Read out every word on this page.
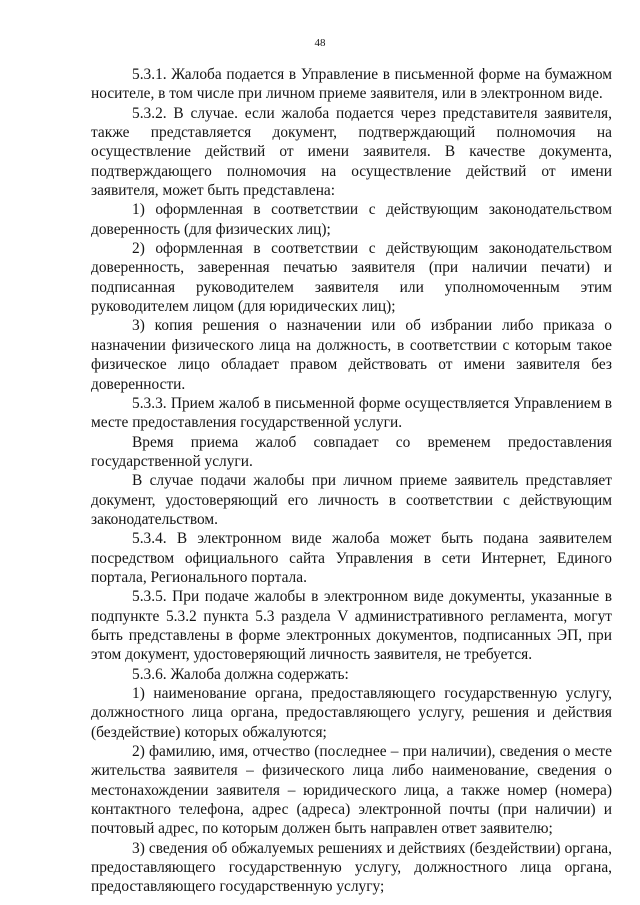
48

5.3.1. Жалоба подается в Управление в письменной форме на бумажном носителе, в том числе при личном приеме заявителя, или в электронном виде.

5.3.2. В случае. если жалоба подается через представителя заявителя, также представляется документ, подтверждающий полномочия на осуществление действий от имени заявителя. В качестве документа, подтверждающего полномочия на осуществление действий от имени заявителя, может быть представлена:

1) оформленная в соответствии с действующим законодательством доверенность (для физических лиц);

2) оформленная в соответствии с действующим законодательством доверенность, заверенная печатью заявителя (при наличии печати) и подписанная руководителем заявителя или уполномоченным этим руководителем лицом (для юридических лиц);

3) копия решения о назначении или об избрании либо приказа о назначении физического лица на должность, в соответствии с которым такое физическое лицо обладает правом действовать от имени заявителя без доверенности.

5.3.3. Прием жалоб в письменной форме осуществляется Управлением в месте предоставления государственной услуги.

Время приема жалоб совпадает со временем предоставления государственной услуги.

В случае подачи жалобы при личном приеме заявитель представляет документ, удостоверяющий его личность в соответствии с действующим законодательством.

5.3.4. В электронном виде жалоба может быть подана заявителем посредством официального сайта Управления в сети Интернет, Единого портала, Регионального портала.

5.3.5. При подаче жалобы в электронном виде документы, указанные в подпункте 5.3.2 пункта 5.3 раздела V административного регламента, могут быть представлены в форме электронных документов, подписанных ЭП, при этом документ, удостоверяющий личность заявителя, не требуется.

5.3.6. Жалоба должна содержать:

1) наименование органа, предоставляющего государственную услугу, должностного лица органа, предоставляющего услугу, решения и действия (бездействие) которых обжалуются;

2) фамилию, имя, отчество (последнее – при наличии), сведения о месте жительства заявителя – физического лица либо наименование, сведения о местонахождении заявителя – юридического лица, а также номер (номера) контактного телефона, адрес (адреса) электронной почты (при наличии) и почтовый адрес, по которым должен быть направлен ответ заявителю;

3) сведения об обжалуемых решениях и действиях (бездействии) органа, предоставляющего государственную услугу, должностного лица органа, предоставляющего государственную услугу;
